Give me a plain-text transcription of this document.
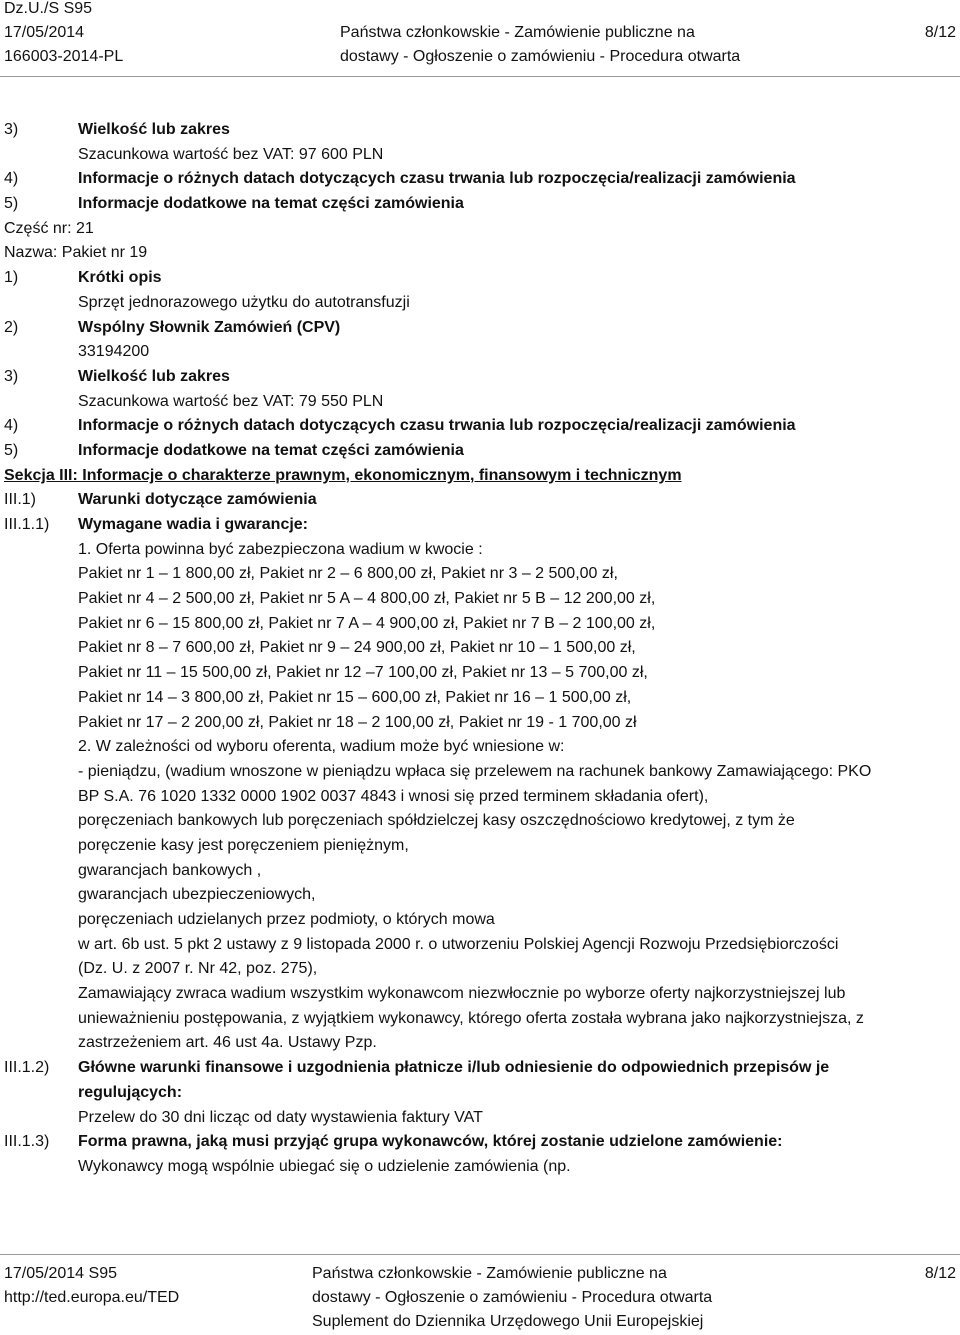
Dz.U./S S95
17/05/2014
166003-2014-PL
Państwa członkowskie - Zamówienie publiczne na
dostawy - Ogłoszenie o zamówieniu - Procedura otwarta
8/12
3)	Wielkość lub zakres
Szacunkowa wartość bez VAT: 97 600 PLN
4)	Informacje o różnych datach dotyczących czasu trwania lub rozpoczęcia/realizacji zamówienia
5)	Informacje dodatkowe na temat części zamówienia
Część nr: 21
Nazwa: Pakiet nr 19
1)	Krótki opis
Sprzęt jednorazowego użytku do autotransfuzji
2)	Wspólny Słownik Zamówień (CPV)
33194200
3)	Wielkość lub zakres
Szacunkowa wartość bez VAT: 79 550 PLN
4)	Informacje o różnych datach dotyczących czasu trwania lub rozpoczęcia/realizacji zamówienia
5)	Informacje dodatkowe na temat części zamówienia
Sekcja III: Informacje o charakterze prawnym, ekonomicznym, finansowym i technicznym
III.1)	Warunki dotyczące zamówienia
III.1.1) Wymagane wadia i gwarancje:
1. Oferta powinna być zabezpieczona wadium w kwocie :
Pakiet nr 1 – 1 800,00 zł, Pakiet nr 2 – 6 800,00 zł, Pakiet nr 3 – 2 500,00 zł,
Pakiet nr 4 – 2 500,00 zł, Pakiet nr 5 A – 4 800,00 zł, Pakiet nr 5 B – 12 200,00 zł,
Pakiet nr 6 – 15 800,00 zł, Pakiet nr 7 A – 4 900,00 zł, Pakiet nr 7 B – 2 100,00 zł,
Pakiet nr 8 – 7 600,00 zł, Pakiet nr 9 – 24 900,00 zł, Pakiet nr 10 – 1 500,00 zł,
Pakiet nr 11 – 15 500,00 zł, Pakiet nr 12 –7 100,00 zł, Pakiet nr 13 – 5 700,00 zł,
Pakiet nr 14 – 3 800,00 zł, Pakiet nr 15 – 600,00 zł, Pakiet nr 16 – 1 500,00 zł,
Pakiet nr 17 – 2 200,00 zł, Pakiet nr 18 – 2 100,00 zł, Pakiet nr 19 - 1 700,00 zł
2. W zależności od wyboru oferenta, wadium może być wniesione w:
- pieniądzu, (wadium wnoszone w pieniądzu wpłaca się przelewem na rachunek bankowy Zamawiającego: PKO
BP S.A. 76 1020 1332 0000 1902 0037 4843 i wnosi się przed terminem składania ofert),
poręczeniach bankowych lub poręczeniach spółdzielczej kasy oszczędnościowo kredytowej, z tym że
poręczenie kasy jest poręczeniem pieniężnym,
gwarancjach bankowych ,
gwarancjach ubezpieczeniowych,
poręczeniach udzielanych przez podmioty, o których mowa
w art. 6b ust. 5 pkt 2 ustawy z 9 listopada 2000 r. o utworzeniu Polskiej Agencji Rozwoju Przedsiębiorczości
(Dz. U. z 2007 r. Nr 42, poz. 275),
Zamawiający zwraca wadium wszystkim wykonawcom niezwłocznie po wyborze oferty najkorzystniejszej lub
unieważnieniu postępowania, z wyjątkiem wykonawcy, którego oferta została wybrana jako najkorzystniejsza, z
zastrzeżeniem art. 46 ust 4a. Ustawy Pzp.
III.1.2) Główne warunki finansowe i uzgodnienia płatnicze i/lub odniesienie do odpowiednich przepisów je
regulujących:
Przelew do 30 dni licząc od daty wystawienia faktury VAT
III.1.3) Forma prawna, jaką musi przyjąć grupa wykonawców, której zostanie udzielone zamówienie:
Wykonawcy mogą wspólnie ubiegać się o udzielenie zamówienia (np.
17/05/2014 S95
http://ted.europa.eu/TED
Państwa członkowskie - Zamówienie publiczne na
dostawy - Ogłoszenie o zamówieniu - Procedura otwarta
Suplement do Dziennika Urzędowego Unii Europejskiej
8/12
